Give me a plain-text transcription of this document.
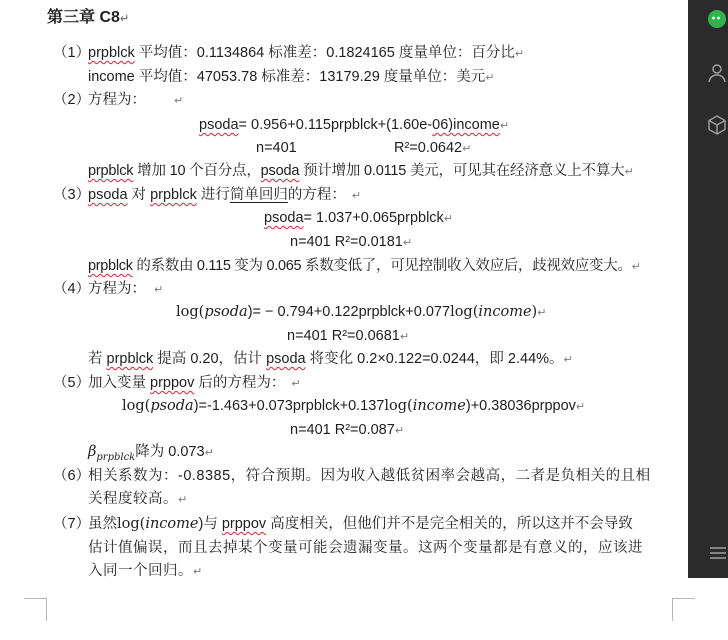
第三章 C8↵
（1）
prpblck 平均值：0.1134864 标准差：0.1824165 度量单位：百分比↵
income 平均值：47053.78 标准差：13179.29 度量单位：美元↵
（2）
方程为：	↵
psoda= 0.956+0.115prpblck+(1.60e-06)income↵
n=401	R²=0.0642↵
prpblck 增加 10 个百分点，psoda 预计增加 0.0115 美元，可见其在经济意义上不算大↵
（3）
psoda 对 prpblck 进行简单回归的方程： ↵
psoda= 1.037+0.065prpblck↵
n=401 R²=0.0181↵
prpblck 的系数由 0.115 变为 0.065 系数变低了，可见控制收入效应后，歧视效应变大。↵
（4）
方程为： ↵
log(psoda)= − 0.794+0.122prpblck+0.077log(income)↵
n=401 R²=0.0681↵
若 prpblck 提高 0.20，估计 psoda 将变化 0.2×0.122=0.0244，即 2.44%。↵
（5）
加入变量 prppov 后的方程为： ↵
log(psoda)=-1.463+0.073prpblck+0.137log(income)+0.38036prppov↵
n=401 R²=0.087↵
$\beta_{prpblck}$降为 0.073↵
（6）
相关系数为：-0.8385，符合预期。因为收入越低贫困率会越高，二者是负相关的且相
关程度较高。↵
（7）
虽然log(income)与 prppov 高度相关，但他们并不是完全相关的，所以这并不会导致
估计值偏误，而且去掉某个变量可能会遗漏变量。这两个变量都是有意义的，应该进
入同一个回归。↵
